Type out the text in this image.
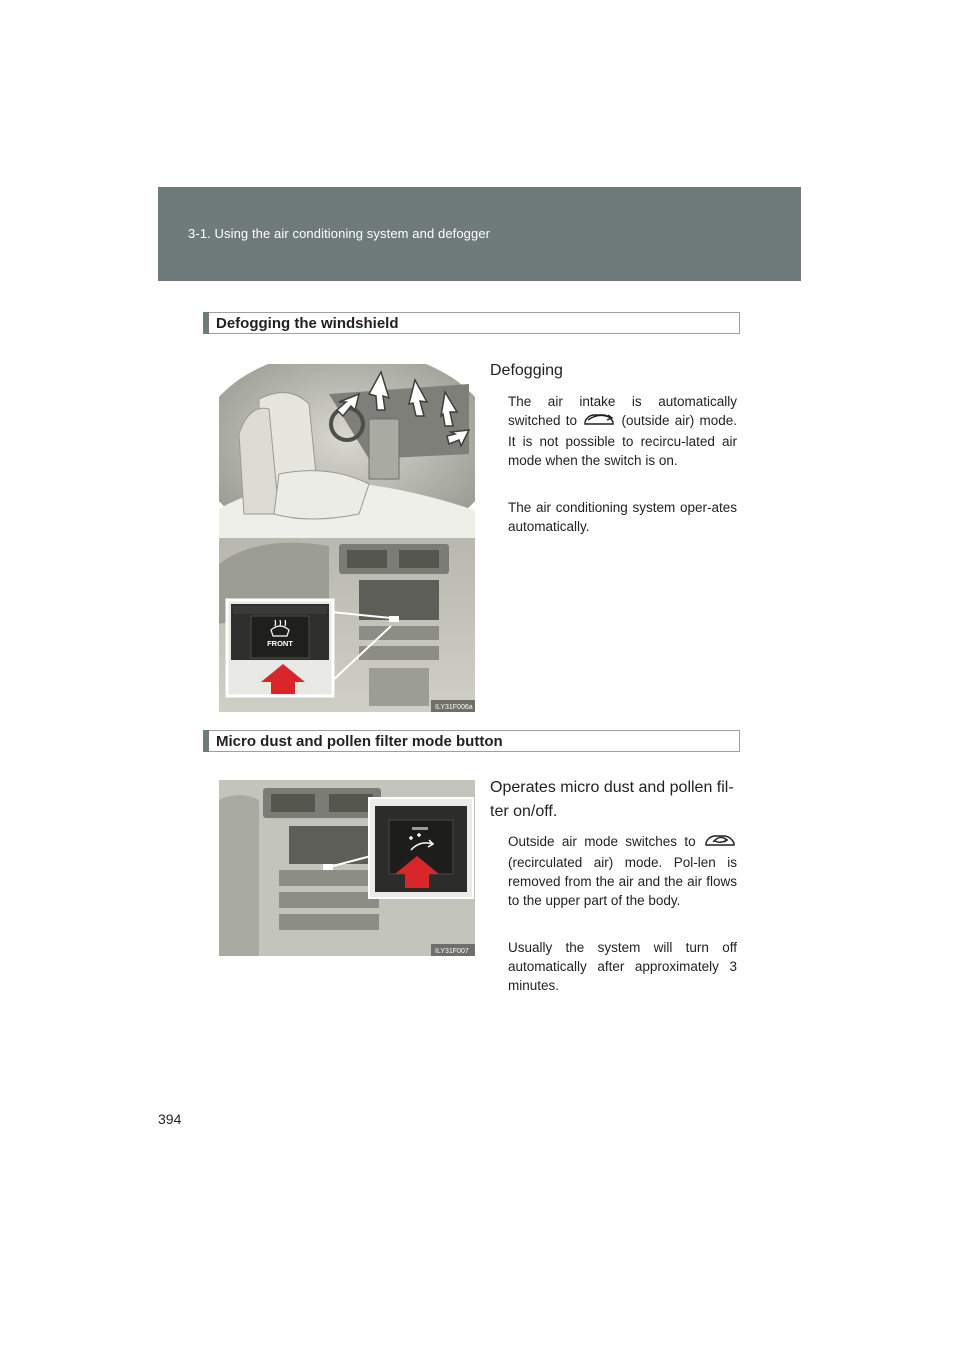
3-1. Using the air conditioning system and defogger
Defogging the windshield
FRONT
ILY31F006a
Defogging
The air intake is automatically switched to	(outside air) mode. It is not possible to recircu-lated air mode when the switch is on.
The air conditioning system oper-ates automatically.
Micro dust and pollen filter mode button
ILY31F007
Operates micro dust and pollen fil-ter on/off.
Outside air mode switches to  (recirculated air) mode. Pol-len is removed from the air and the air flows to the upper part of the body.
Usually the system will turn off automatically after approximately 3 minutes.
394
